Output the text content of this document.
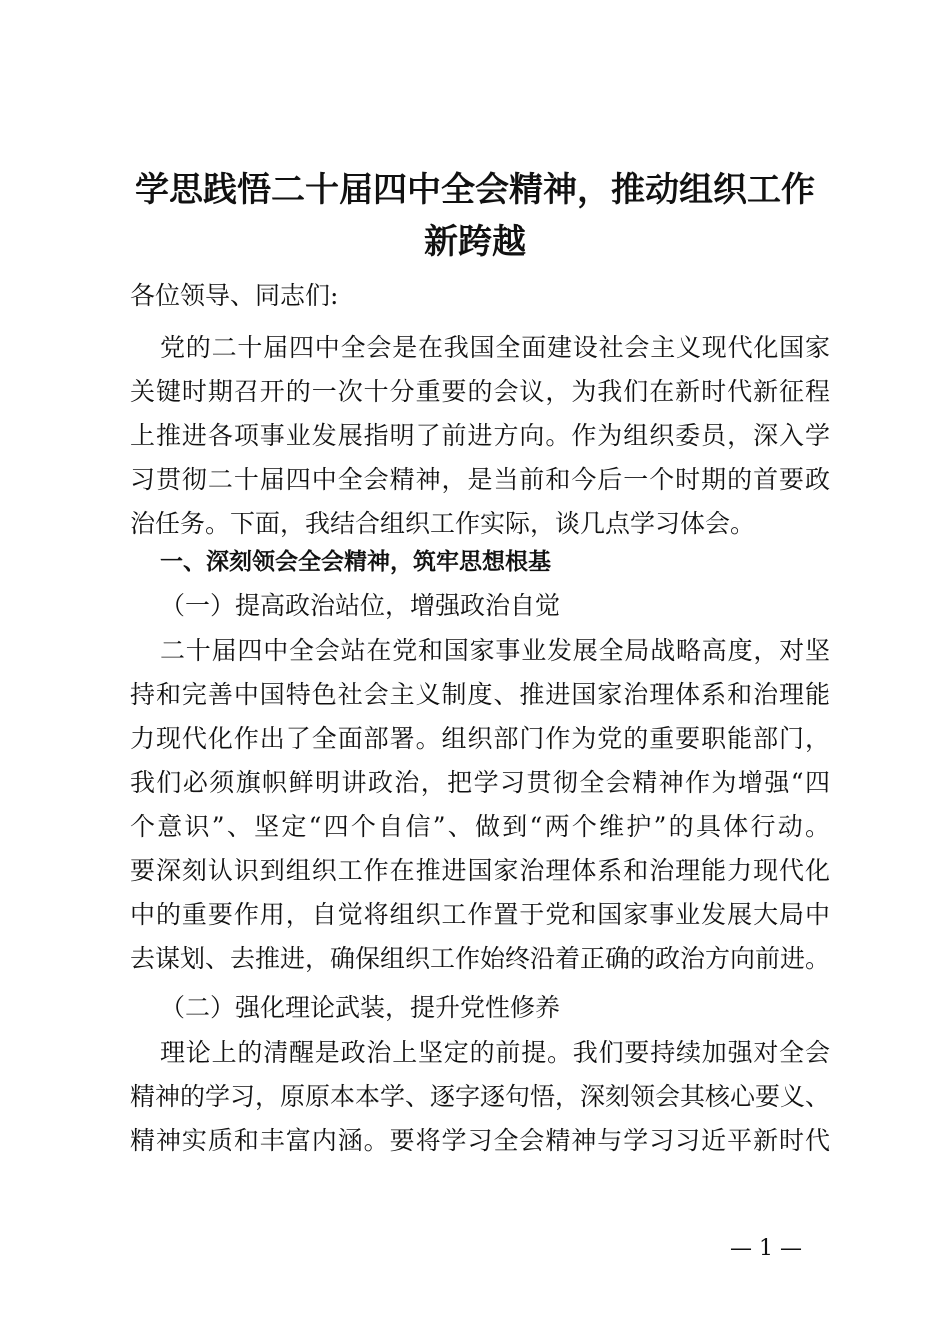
学思践悟二十届四中全会精神，推动组织工作
新跨越
各位领导、同志们:
党的二十届四中全会是在我国全面建设社会主义现代化国家
关键时期召开的一次十分重要的会议，为我们在新时代新征程
上推进各项事业发展指明了前进方向。作为组织委员，深入学
习贯彻二十届四中全会精神，是当前和今后一个时期的首要政
治任务。下面，我结合组织工作实际，谈几点学习体会。
一、深刻领会全会精神，筑牢思想根基
（一）提高政治站位，增强政治自觉
二十届四中全会站在党和国家事业发展全局战略高度，对坚
持和完善中国特色社会主义制度、推进国家治理体系和治理能
力现代化作出了全面部署。组织部门作为党的重要职能部门，
我们必须旗帜鲜明讲政治，把学习贯彻全会精神作为增强“四
个意识”、坚定“四个自信”、做到“两个维护”的具体行动。
要深刻认识到组织工作在推进国家治理体系和治理能力现代化
中的重要作用，自觉将组织工作置于党和国家事业发展大局中
去谋划、去推进，确保组织工作始终沿着正确的政治方向前进。
（二）强化理论武装，提升党性修养
理论上的清醒是政治上坚定的前提。我们要持续加强对全会
精神的学习，原原本本学、逐字逐句悟，深刻领会其核心要义、
精神实质和丰富内涵。要将学习全会精神与学习习近平新时代
— 1 —
